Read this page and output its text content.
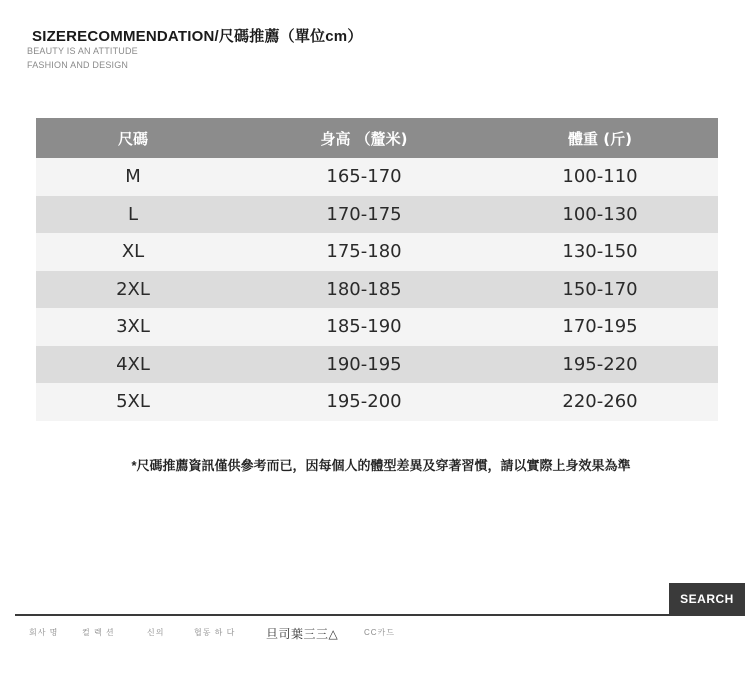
SIZERECOMMENDATION/尺碼推薦（單位cm）
BEAUTY IS AN ATTITUDE
FASHION AND DESIGN
尺碼	身高 （釐米)	體重 (斤)
M	165-170	100-110
L	170-175	100-130
XL	175-180	130-150
2XL	180-185	150-170
3XL	185-190	170-195
4XL	190-195	195-220
5XL	195-200	220-260
*尺碼推薦資訊僅供參考而已，因每個人的體型差異及穿著習慣，請以實際上身效果為準
SEARCH
회사 명	컬 렉 션	신의	협동 하 다	旦司葉三三△	CC카드
